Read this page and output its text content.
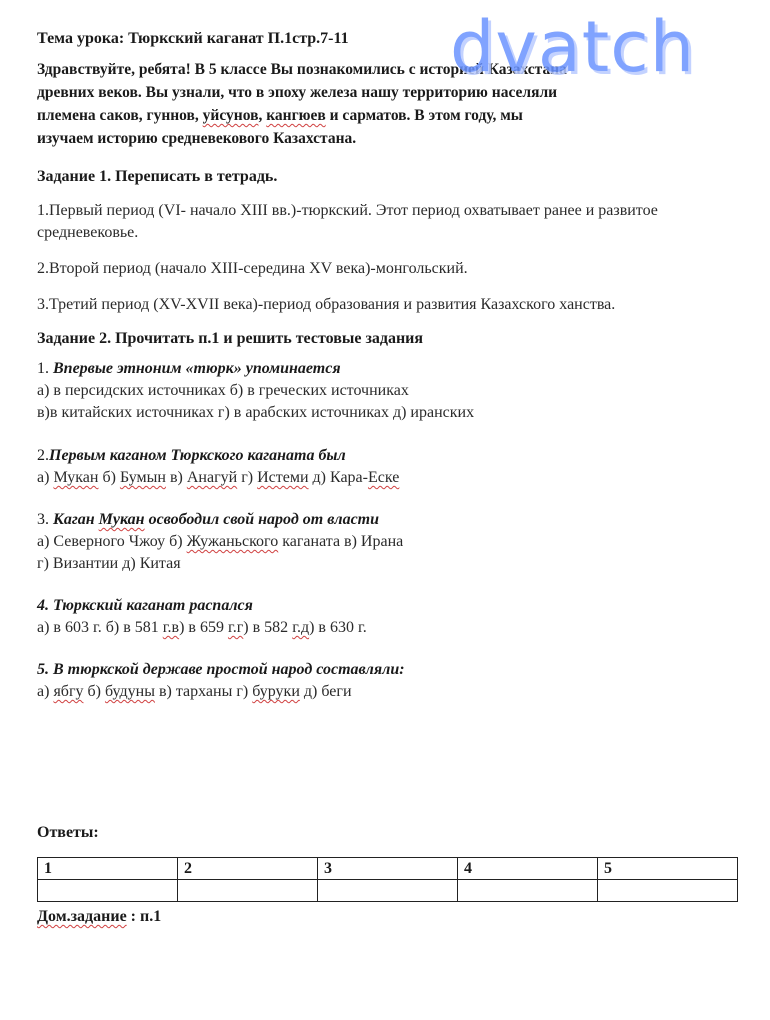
Тема урока: Тюркский каганат П.1стр.7-11

Здравствуйте, ребята! В 5 классе Вы познакомились с историей Казахстана
древних веков. Вы узнали, что в эпоху железа нашу территорию населяли
племена саков, гуннов, уйсунов, кангюев и сарматов. В этом году, мы
изучаем историю средневекового Казахстана.

Задание 1. Переписать в тетрадь.

1.Первый период (VI- начало XIII вв.)-тюркский. Этот период охватывает ранее и развитое средневековье.

2.Второй период (начало XIII-середина XV века)-монгольский.

3.Третий период (XV-XVII века)-период образования и развития Казахского ханства.

Задание 2. Прочитать п.1 и решить тестовые задания

1. Впервые этноним «тюрк» упоминается

а) в персидских источниках б) в греческих источниках

в)в китайских источниках г) в арабских источниках д) иранских

2.Первым каганом Тюркского каганата был

а) Мукан б) Бумын в) Анагуй г) Истеми д) Кара-Еске

3. Каган Мукан освободил свой народ от власти

а) Северного Чжоу б) Жужаньского каганата в) Ирана

г) Византии д) Китая

4. Тюркский каганат распался

а) в 603 г. б) в 581 г.в) в 659 г.г) в 582 г.д) в 630 г.

5. В тюркской державе простой народ составляли:

а) ябгу б) будуны в) тарханы г) буруки д) беги

Ответы:

1	2	3	4	5

Дом.задание : п.1

dvatch
